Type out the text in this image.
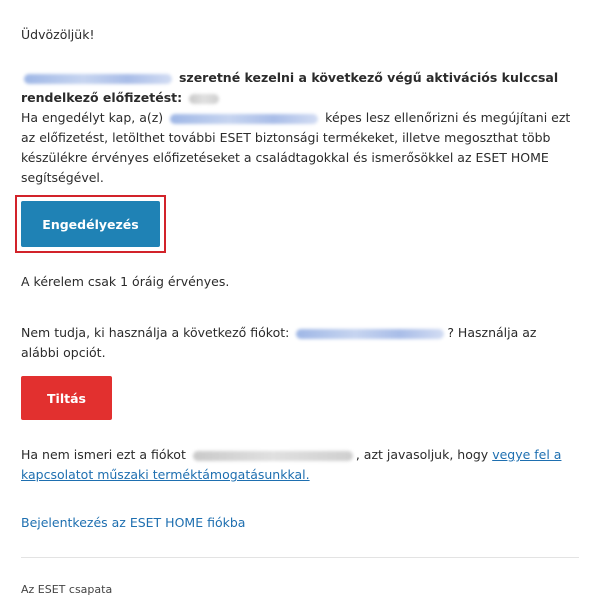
Üdvözöljük!
szeretné kezelni a következő végű aktivációs kulccsal rendelkező előfizetést:
Ha engedélyt kap, a(z)	képes lesz ellenőrizni és megújítani ezt az előfizetést, letölthet további ESET biztonsági termékeket, illetve megoszthat több készülékre érvényes előfizetéseket a családtagokkal és ismerősökkel az ESET HOME segítségével.
Engedélyezés
A kérelem csak 1 óráig érvényes.
Nem tudja, ki használja a következő fiókot:	? Használja az alábbi opciót.
Tiltás
Ha nem ismeri ezt a fiókot	, azt javasoljuk, hogy vegye fel a kapcsolatot műszaki terméktámogatásunkkal.
Bejelentkezés az ESET HOME fiókba
Az ESET csapata
